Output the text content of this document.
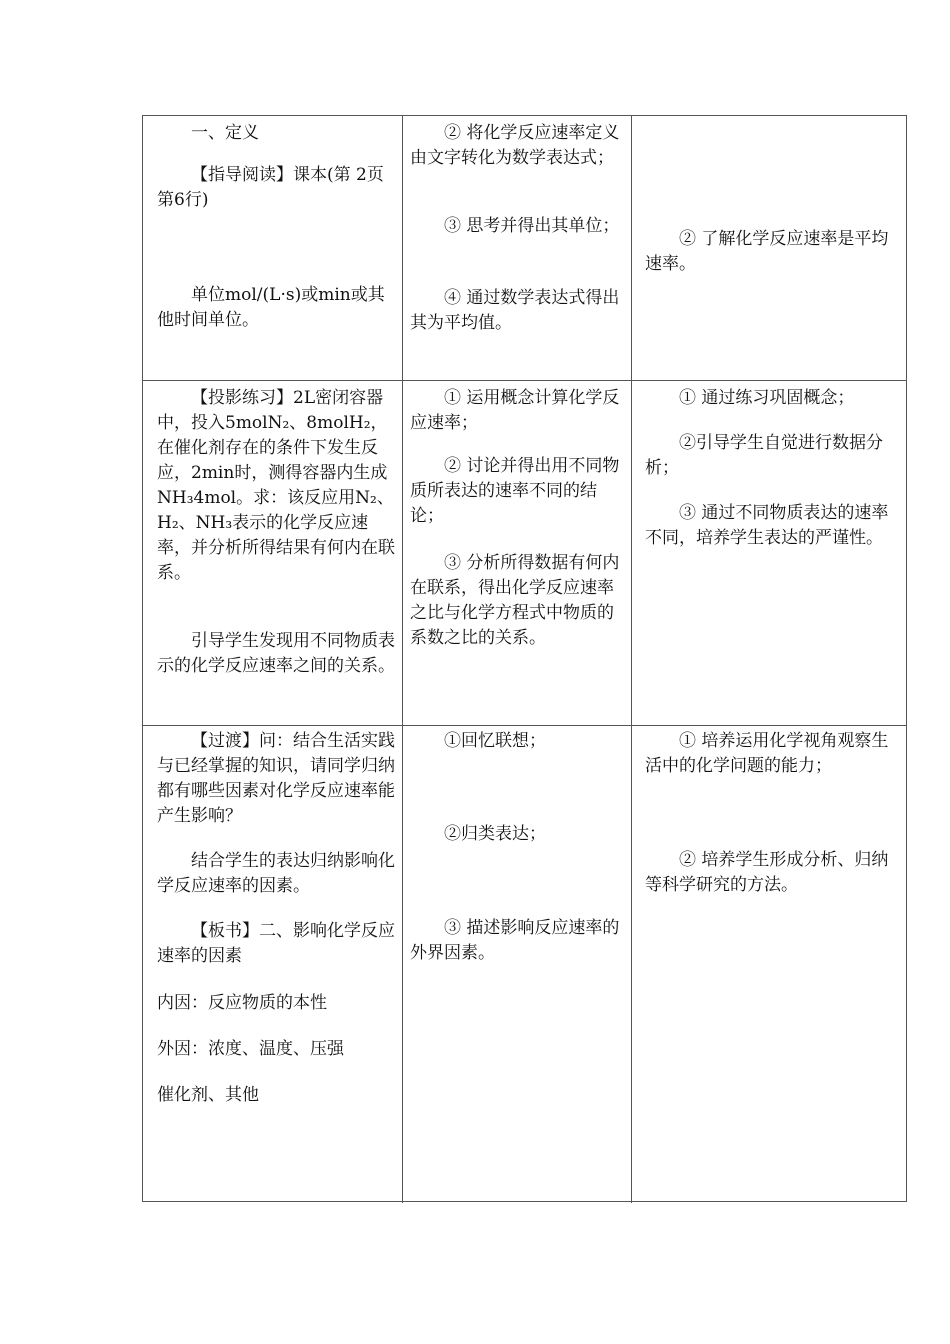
一、定义

【指导阅读】课本(第 2页第6行)

单位mol/(L·s)或min或其他时间单位。

② 将化学反应速率定义由文字转化为数学表达式；

③ 思考并得出其单位；

④ 通过数学表达式得出其为平均值。

② 了解化学反应速率是平均速率。

【投影练习】2L密闭容器中，投入5molN₂、8molH₂，在催化剂存在的条件下发生反应，2min时，测得容器内生成NH₃4mol。求：该反应用N₂、H₂、NH₃表示的化学反应速率，并分析所得结果有何内在联系。

引导学生发现用不同物质表示的化学反应速率之间的关系。

① 运用概念计算化学反应速率；

② 讨论并得出用不同物质所表达的速率不同的结论；

③ 分析所得数据有何内在联系，得出化学反应速率之比与化学方程式中物质的系数之比的关系。

① 通过练习巩固概念；

②引导学生自觉进行数据分析；

③ 通过不同物质表达的速率不同，培养学生表达的严谨性。

【过渡】问：结合生活实践与已经掌握的知识，请同学归纳都有哪些因素对化学反应速率能产生影响？

结合学生的表达归纳影响化学反应速率的因素。

【板书】二、影响化学反应速率的因素

内因：反应物质的本性

外因：浓度、温度、压强

催化剂、其他

①回忆联想；

②归类表达；

③ 描述影响反应速率的外界因素。

① 培养运用化学视角观察生活中的化学问题的能力；

② 培养学生形成分析、归纳等科学研究的方法。
